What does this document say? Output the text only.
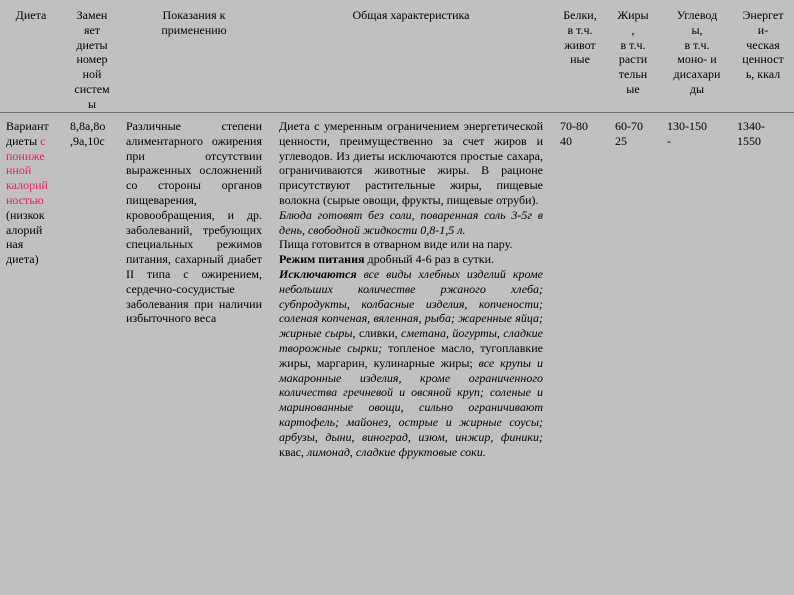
Диета	Замен
яет
диеты
номер
ной
систем
ы
Показания к
применению
Общая характеристика	Белки,
в т.ч.
живот
ные
Жиры
,
в т.ч.
расти
тельн
ые
Углевод
ы,
в т.ч.
моно- и
дисахари
ды
Энергет
и-
ческая
ценност
ь, ккал
Вариант
диеты с
пониже
нной
калорий
ностью
(низкок
алорий
ная
диета)
8,8а,8о
,9а,10с
Различные степени алиментарного ожирения при отсутствии выраженных осложнений со стороны органов пищеварения, кровообращения, и др. заболеваний, требующих специальных режимов питания, сахарный диабет II типа с ожирением, сердечно-сосудистые заболевания при наличии избыточного веса

Диета с умеренным ограничением энергетической ценности, преимущественно за счет жиров и углеводов. Из диеты исключаются простые сахара, ограничиваются животные жиры. В рационе присутствуют растительные жиры, пищевые волокна (сырые овощи, фрукты, пищевые отруби).

Блюда готовят без соли, поваренная соль 3-5г в день, свободной жидкости 0,8-1,5 л.

Пища готовится в отварном виде или на пару.

Режим питания дробный 4-6 раз в сутки.

Исключаются все виды хлебных изделий кроме небольших количестве ржаного хлеба; субпродукты, колбасные изделия, копчености; соленая копченая, вяленная, рыба; жаренные яйца; жирные сыры, сливки, сметана, йогурты, сладкие творожные сырки; топленое масло, тугоплавкие жиры, маргарин, кулинарные жиры; все крупы и макаронные изделия, кроме ограниченного количества гречневой и овсяной круп; соленые и маринованные овощи, сильно ограничивают картофель; майонез, острые и жирные соусы; арбузы, дыни, виноград, изюм, инжир, финики; квас, лимонад, сладкие фруктовые соки.

70-80
40
60-70
25
130-150
-
1340-
1550
